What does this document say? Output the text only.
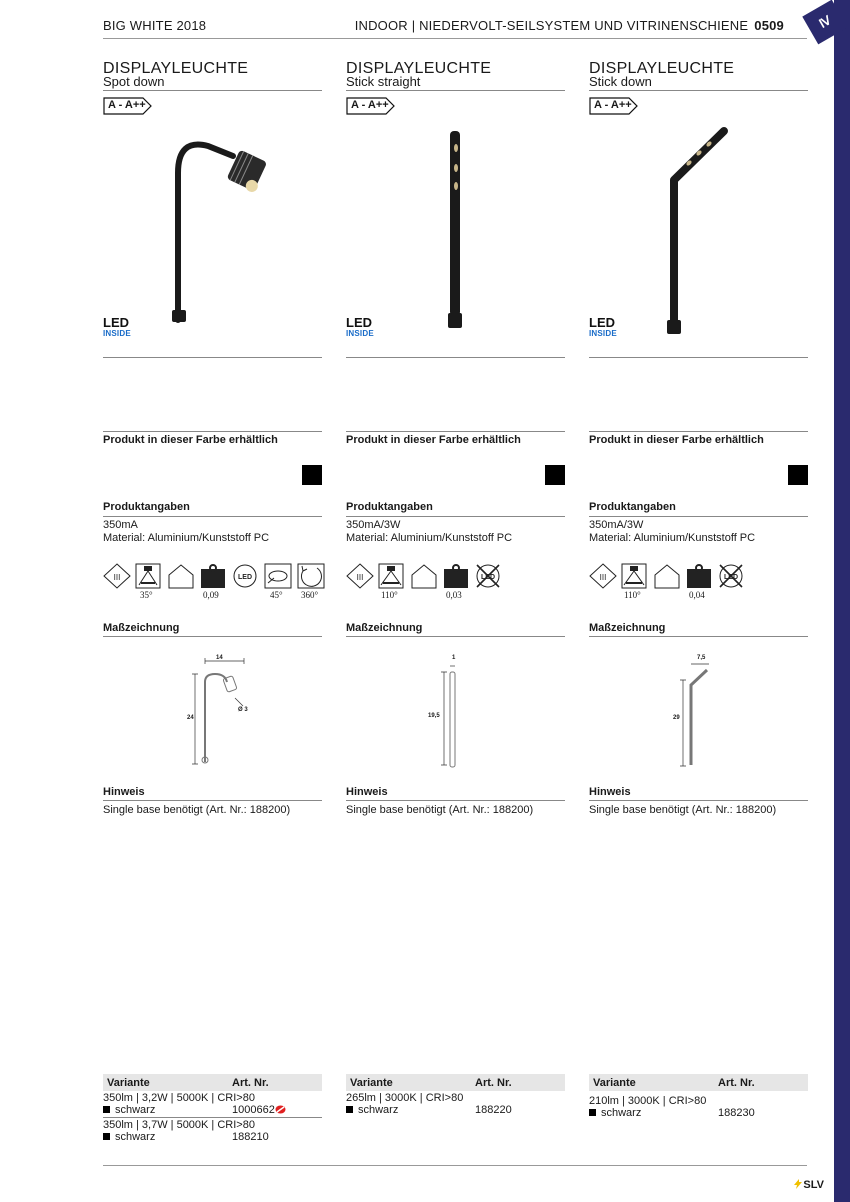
Ⅳ
BIG WHITE 2018	INDOOR | NIEDERVOLT-SEILSYSTEM UND VITRINENSCHIENE 0509
DISPLAYLEUCHTE
Spot down
A - A++
LED
INSIDE
Produkt in dieser Farbe erhältlich
Produktangaben
350mA
Material: Aluminium/Kunststoff PC
III	LED
35°	0,09	45° 360°
Maßzeichnung
14
24
Ø 3
Hinweis
Single base benötigt (Art. Nr.: 188200)
Variante	Art. Nr.
350lm | 3,2W | 5000K | CRI>80
schwarz	1000662
350lm | 3,7W | 5000K | CRI>80
schwarz	188210
DISPLAYLEUCHTE
Stick straight
A - A++
LED
INSIDE
Produkt in dieser Farbe erhältlich
Produktangaben
350mA/3W
Material: Aluminium/Kunststoff PC
III	LED
110°	0,03
Maßzeichnung
1
19,5
Hinweis
Single base benötigt (Art. Nr.: 188200)
Variante	Art. Nr.
265lm | 3000K | CRI>80
schwarz	188220
DISPLAYLEUCHTE
Stick down
A - A++
LED
INSIDE
Produkt in dieser Farbe erhältlich
Produktangaben
350mA/3W
Material: Aluminium/Kunststoff PC
III	LED
110°	0,04
Maßzeichnung
7,5
29
Hinweis
Single base benötigt (Art. Nr.: 188200)
Variante	Art. Nr.
210lm | 3000K | CRI>80
schwarz	188230
SLV
